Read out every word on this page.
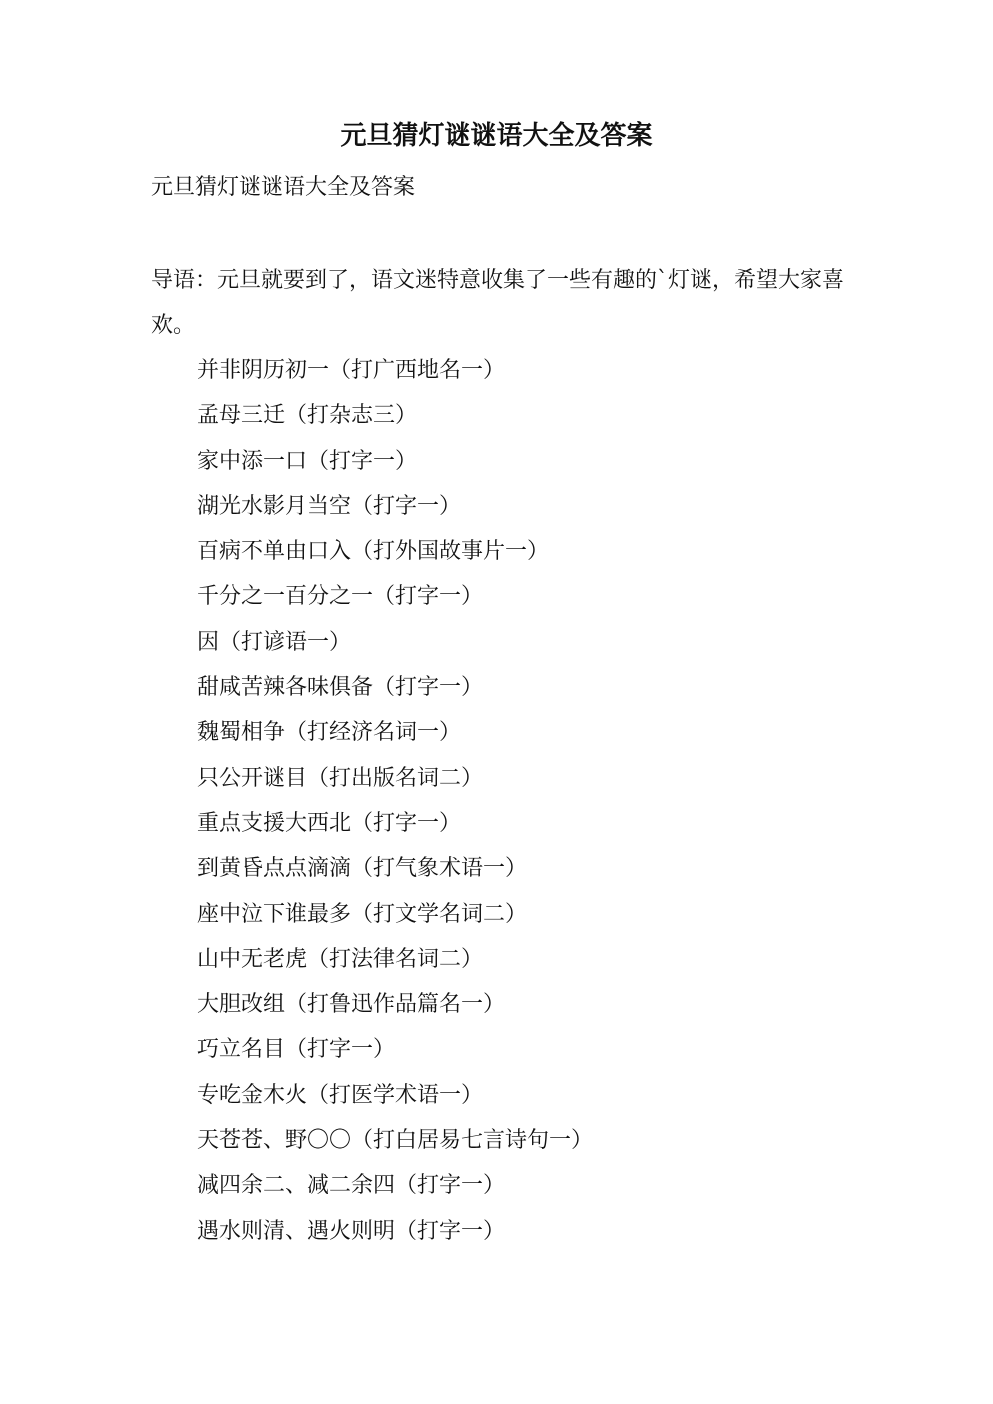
元旦猜灯谜谜语大全及答案
元旦猜灯谜谜语大全及答案
导语：元旦就要到了，语文迷特意收集了一些有趣的`灯谜，希望大家喜欢。
并非阴历初一（打广西地名一）
孟母三迁（打杂志三）
家中添一口（打字一）
湖光水影月当空（打字一）
百病不单由口入（打外国故事片一）
千分之一百分之一（打字一）
因（打谚语一）
甜咸苦辣各味俱备（打字一）
魏蜀相争（打经济名词一）
只公开谜目（打出版名词二）
重点支援大西北（打字一）
到黄昏点点滴滴（打气象术语一）
座中泣下谁最多（打文学名词二）
山中无老虎（打法律名词二）
大胆改组（打鲁迅作品篇名一）
巧立名目（打字一）
专吃金木火（打医学术语一）
天苍苍、野〇〇（打白居易七言诗句一）
减四余二、减二余四（打字一）
遇水则清、遇火则明（打字一）
